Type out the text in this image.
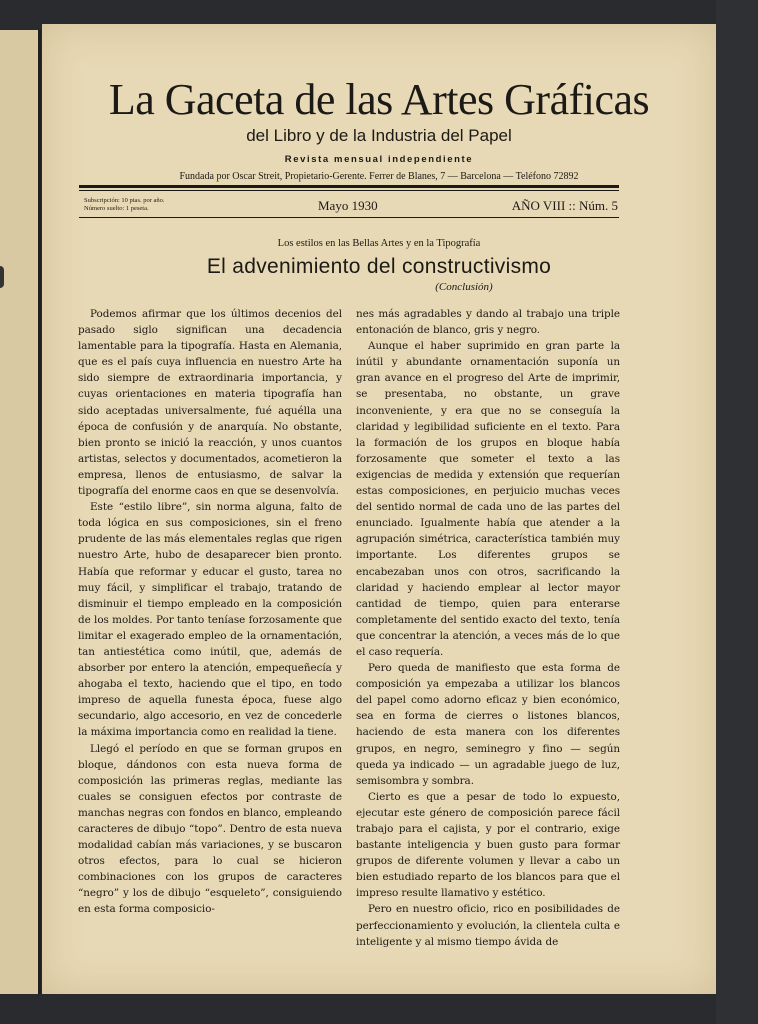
La Gaceta de las Artes Gráficas
del Libro y de la Industria del Papel
Revista mensual independiente
Fundada por Oscar Streit, Propietario-Gerente. Ferrer de Blanes, 7 — Barcelona — Teléfono 72892
Subscripción: 10 ptas. por año.
Número suelto: 1 peseta.	Mayo 1930	AÑO VIII :: Núm. 5
Los estilos en las Bellas Artes y en la Tipografía
El advenimiento del constructivismo
(Conclusión)

Podemos afirmar que los últimos decenios del pasado siglo significan una decadencia lamentable para la tipografía. Hasta en Alemania, que es el país cuya influencia en nuestro Arte ha sido siempre de extraordinaria importancia, y cuyas orientaciones en materia tipografía han sido aceptadas universalmente, fué aquélla una época de confusión y de anarquía. No obstante, bien pronto se inició la reacción, y unos cuantos artistas, selectos y documentados, acometieron la empresa, llenos de entusiasmo, de salvar la tipografía del enorme caos en que se desenvolvía.

Este “estilo libre”, sin norma alguna, falto de toda lógica en sus composiciones, sin el freno prudente de las más elementales reglas que rigen nuestro Arte, hubo de desaparecer bien pronto. Había que reformar y educar el gusto, tarea no muy fácil, y simplificar el trabajo, tratando de disminuir el tiempo empleado en la composición de los moldes. Por tanto teníase forzosamente que limitar el exagerado empleo de la ornamentación, tan antiestética como inútil, que, además de absorber por entero la atención, empequeñecía y ahogaba el texto, haciendo que el tipo, en todo impreso de aquella funesta época, fuese algo secundario, algo accesorio, en vez de concederle la máxima importancia como en realidad la tiene.

Llegó el período en que se forman grupos en bloque, dándonos con esta nueva forma de composición las primeras reglas, mediante las cuales se consiguen efectos por contraste de manchas negras con fondos en blanco, empleando caracteres de dibujo “topo”. Dentro de esta nueva modalidad cabían más variaciones, y se buscaron otros efectos, para lo cual se hicieron combinaciones con los grupos de caracteres “negro” y los de dibujo “esqueleto”, consiguiendo en esta forma composicio-

nes más agradables y dando al trabajo una triple entonación de blanco, gris y negro.

Aunque el haber suprimido en gran parte la inútil y abundante ornamentación suponía un gran avance en el progreso del Arte de imprimir, se presentaba, no obstante, un grave inconveniente, y era que no se conseguía la claridad y legibilidad suficiente en el texto. Para la formación de los grupos en bloque había forzosamente que someter el texto a las exigencias de medida y extensión que requerían estas composiciones, en perjuicio muchas veces del sentido normal de cada uno de las partes del enunciado. Igualmente había que atender a la agrupación simétrica, característica también muy importante. Los diferentes grupos se encabezaban unos con otros, sacrificando la claridad y haciendo emplear al lector mayor cantidad de tiempo, quien para enterarse completamente del sentido exacto del texto, tenía que concentrar la atención, a veces más de lo que el caso requería.

Pero queda de manifiesto que esta forma de composición ya empezaba a utilizar los blancos del papel como adorno eficaz y bien económico, sea en forma de cierres o listones blancos, haciendo de esta manera con los diferentes grupos, en negro, seminegro y fino — según queda ya indicado — un agradable juego de luz, semisombra y sombra.

Cierto es que a pesar de todo lo expuesto, ejecutar este género de composición parece fácil trabajo para el cajista, y por el contrario, exige bastante inteligencia y buen gusto para formar grupos de diferente volumen y llevar a cabo un bien estudiado reparto de los blancos para que el impreso resulte llamativo y estético.

Pero en nuestro oficio, rico en posibilidades de perfeccionamiento y evolución, la clientela culta e inteligente y al mismo tiempo ávida de
